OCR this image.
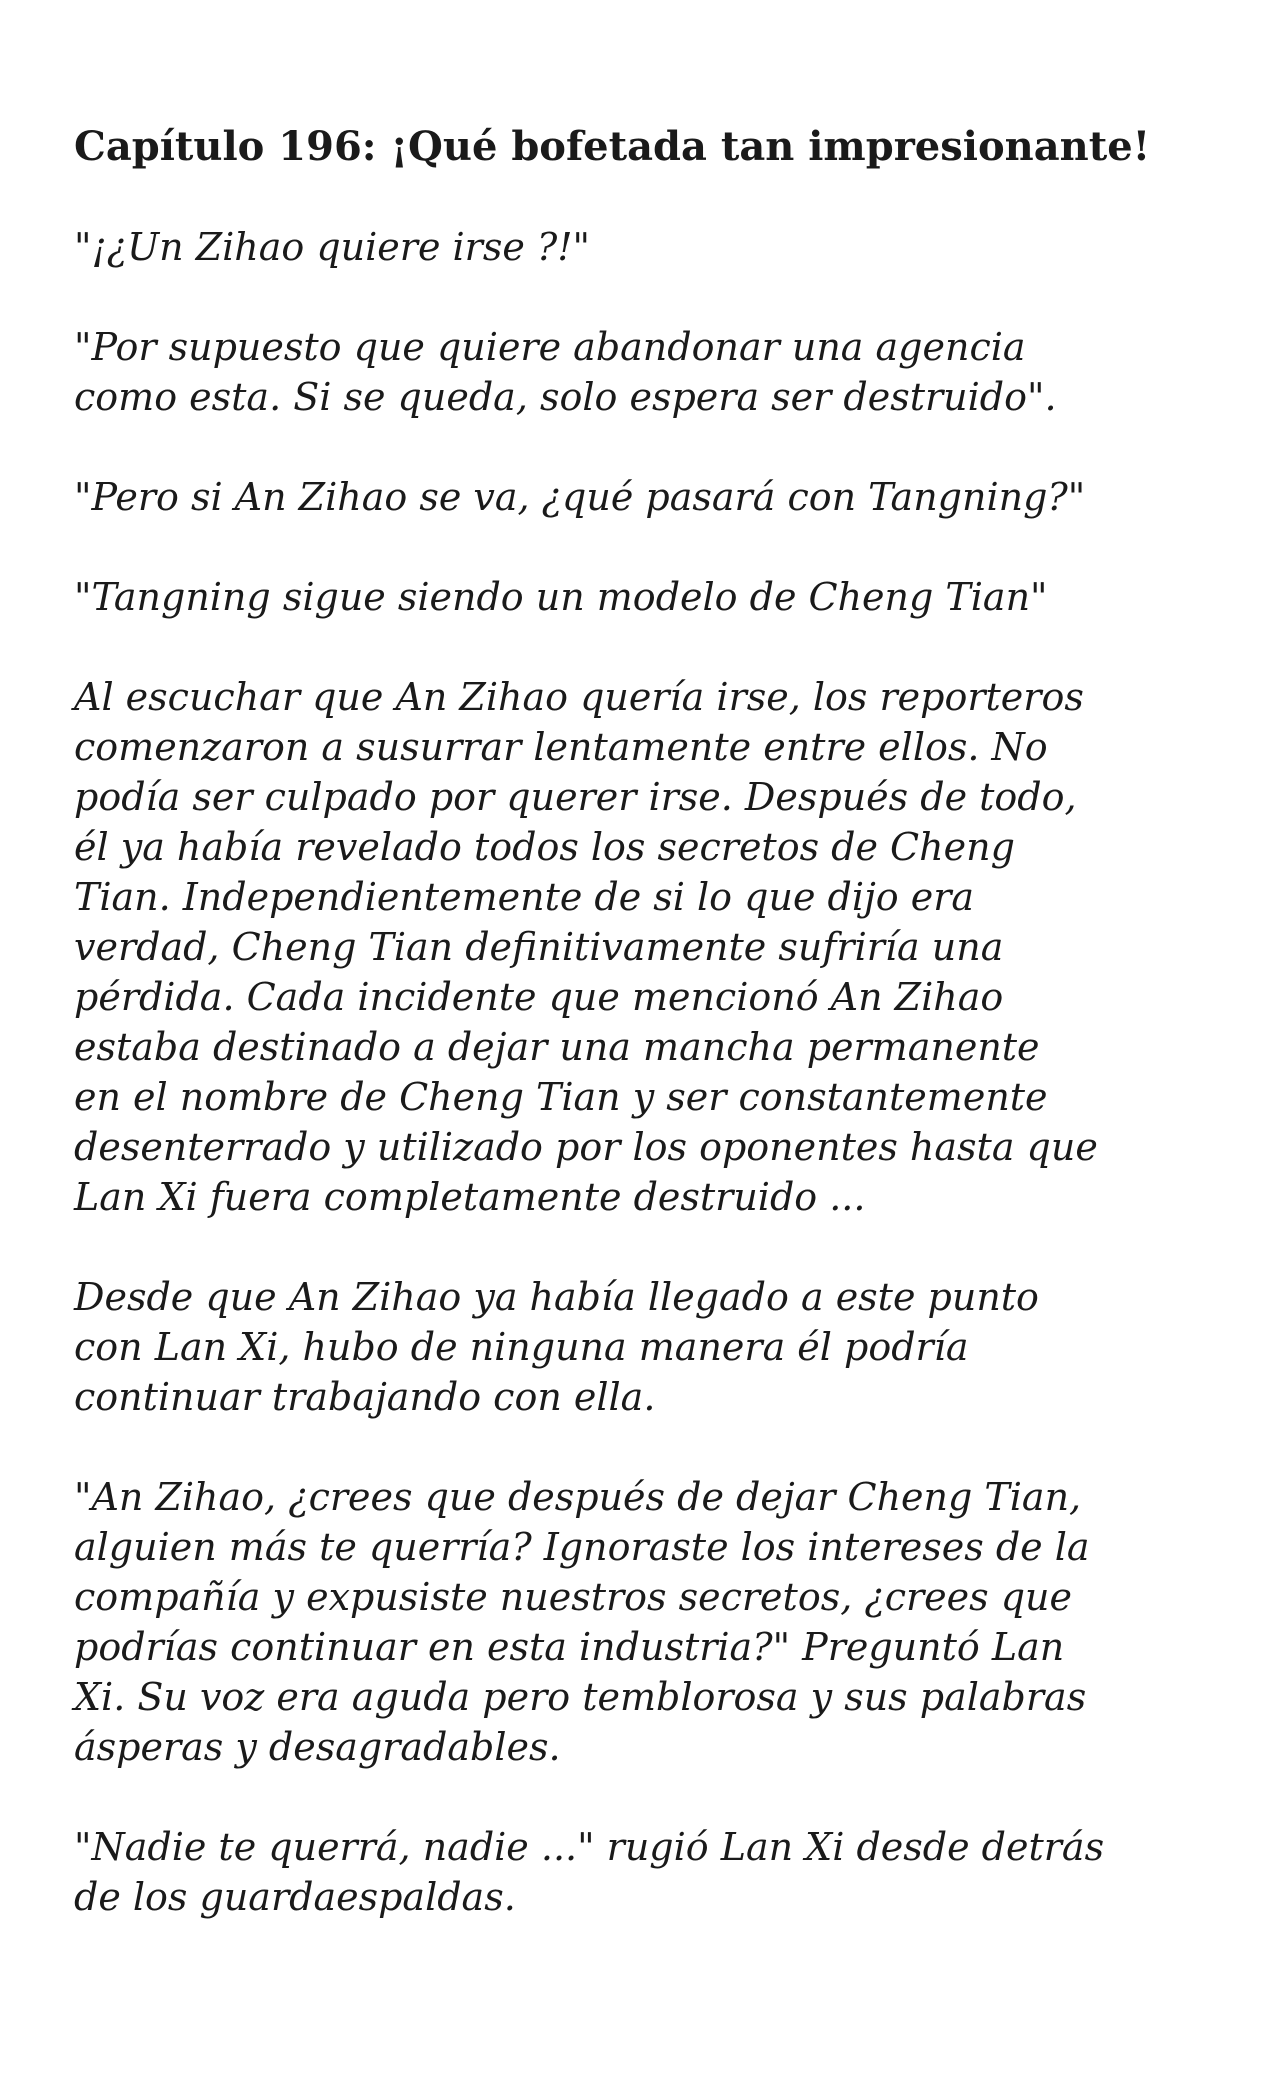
Capítulo 196: ¡Qué bofetada tan impresionante!

"¡¿Un Zihao quiere irse ?!"

"Por supuesto que quiere abandonar una agencia
como esta. Si se queda, solo espera ser destruido".

"Pero si An Zihao se va, ¿qué pasará con Tangning?"

"Tangning sigue siendo un modelo de Cheng Tian"

Al escuchar que An Zihao quería irse, los reporteros
comenzaron a susurrar lentamente entre ellos. No
podía ser culpado por querer irse. Después de todo,
él ya había revelado todos los secretos de Cheng
Tian. Independientemente de si lo que dijo era
verdad, Cheng Tian definitivamente sufriría una
pérdida. Cada incidente que mencionó An Zihao
estaba destinado a dejar una mancha permanente
en el nombre de Cheng Tian y ser constantemente
desenterrado y utilizado por los oponentes hasta que
Lan Xi fuera completamente destruido ...

Desde que An Zihao ya había llegado a este punto
con Lan Xi, hubo de ninguna manera él podría
continuar trabajando con ella.

"An Zihao, ¿crees que después de dejar Cheng Tian,
alguien más te querría? Ignoraste los intereses de la
compañía y expusiste nuestros secretos, ¿crees que
podrías continuar en esta industria?" Preguntó Lan
Xi. Su voz era aguda pero temblorosa y sus palabras
ásperas y desagradables.

"Nadie te querrá, nadie ..." rugió Lan Xi desde detrás
de los guardaespaldas.
